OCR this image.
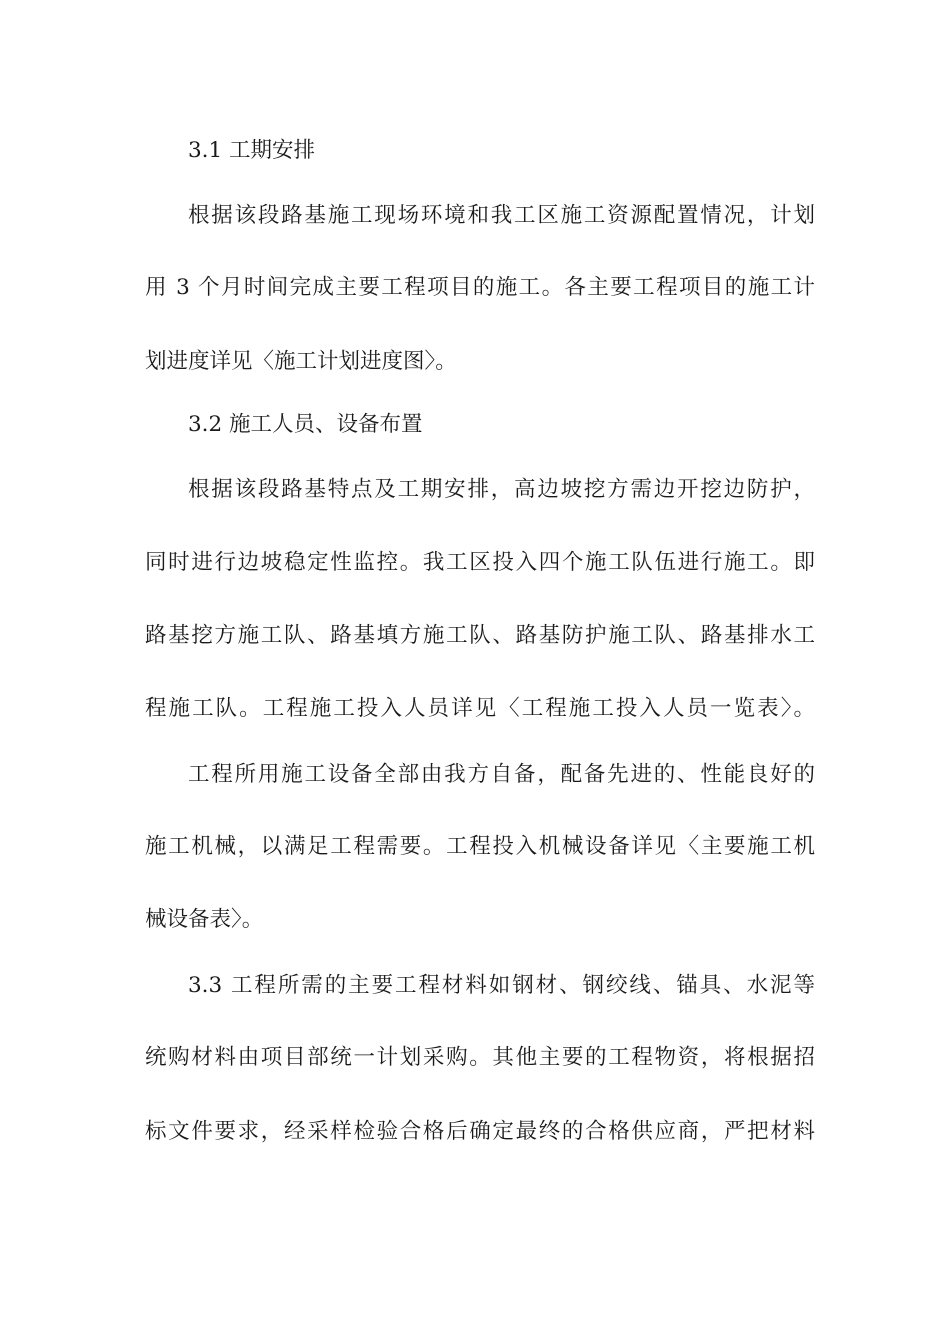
3.1 工期安排
根据该段路基施工现场环境和我工区施工资源配置情况，计划
用 3 个月时间完成主要工程项目的施工。各主要工程项目的施工计
划进度详见〈施工计划进度图〉。
3.2 施工人员、设备布置
根据该段路基特点及工期安排，高边坡挖方需边开挖边防护，
同时进行边坡稳定性监控。我工区投入四个施工队伍进行施工。即
路基挖方施工队、路基填方施工队、路基防护施工队、路基排水工
程施工队。工程施工投入人员详见〈工程施工投入人员一览表〉。
工程所用施工设备全部由我方自备，配备先进的、性能良好的
施工机械，以满足工程需要。工程投入机械设备详见〈主要施工机
械设备表〉。
3.3 工程所需的主要工程材料如钢材、钢绞线、锚具、水泥等
统购材料由项目部统一计划采购。其他主要的工程物资，将根据招
标文件要求，经采样检验合格后确定最终的合格供应商，严把材料
